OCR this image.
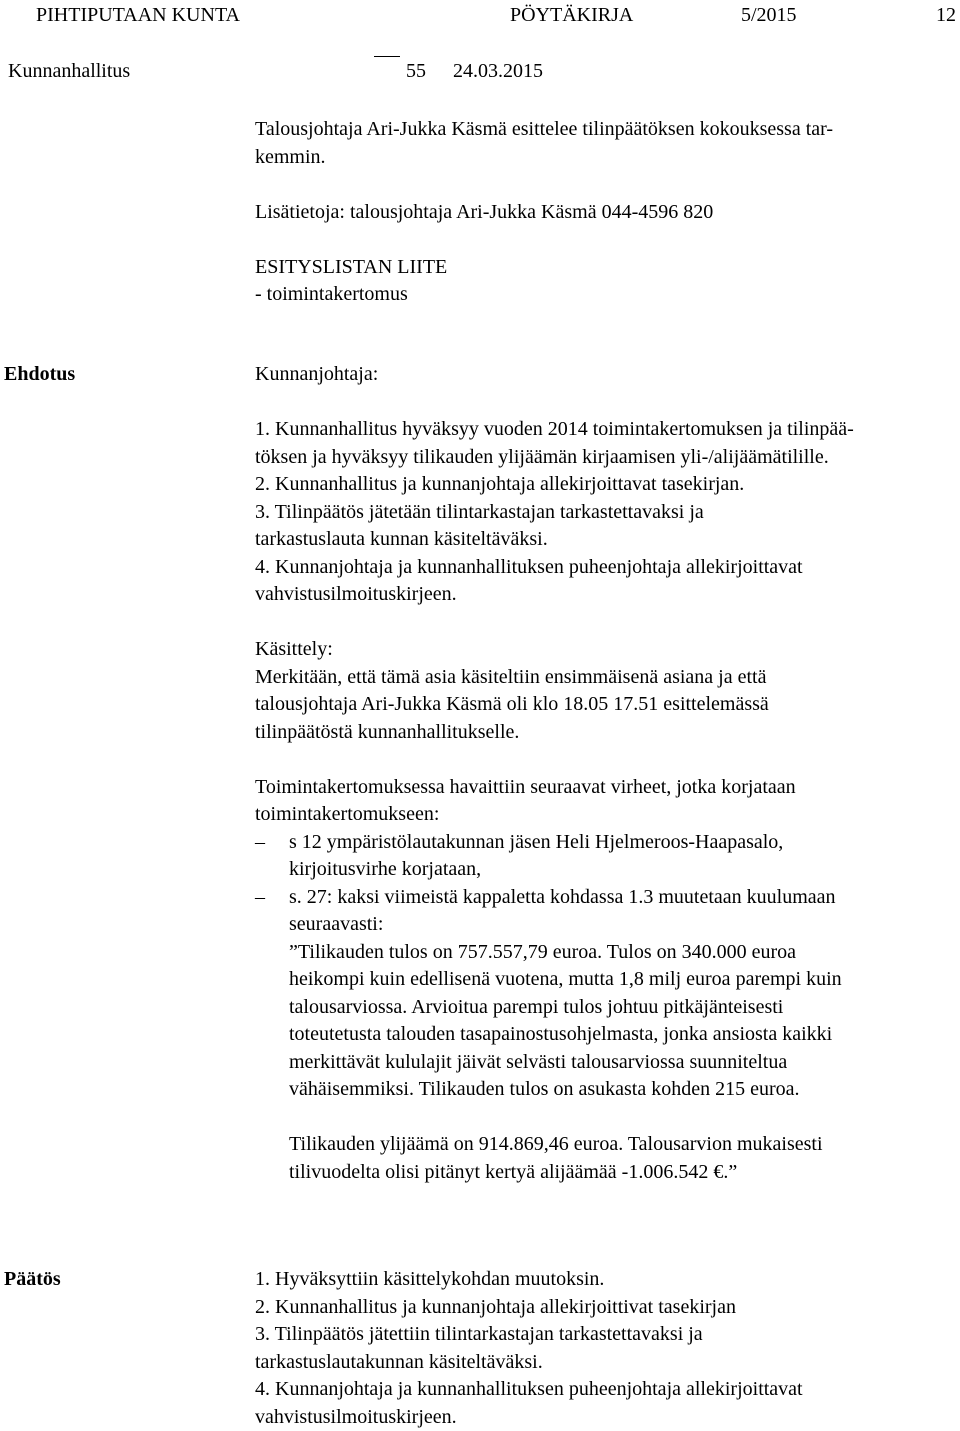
PIHTIPUTAAN KUNTA	PÖYTÄKIRJA	5/2015	12
Kunnanhallitus	55 24.03.2015

Talousjohtaja Ari-Jukka Käsmä esittelee tilinpäätöksen kokouksessa tar-

kemmin.

Lisätietoja: talousjohtaja Ari-Jukka Käsmä 044-4596 820

ESITYSLISTAN LIITE

- toimintakertomus

Ehdotus	Kunnanjohtaja:

1. Kunnanhallitus hyväksyy vuoden 2014 toimintakertomuksen ja tilinpää-

töksen ja hyväksyy tilikauden ylijäämän kirjaamisen yli-/alijäämätilille.

2. Kunnanhallitus ja kunnanjohtaja allekirjoittavat tasekirjan.

3. Tilinpäätös jätetään tilintarkastajan tarkastettavaksi ja

tarkastuslauta kunnan käsiteltäväksi.

4. Kunnanjohtaja ja kunnanhallituksen puheenjohtaja allekirjoittavat

vahvistusilmoituskirjeen.

Käsittely:

Merkitään, että tämä asia käsiteltiin ensimmäisenä asiana ja että

talousjohtaja Ari-Jukka Käsmä oli klo 18.05 17.51 esittelemässä

tilinpäätöstä kunnanhallitukselle.

Toimintakertomuksessa havaittiin seuraavat virheet, jotka korjataan

toimintakertomukseen:

–	s 12 ympäristölautakunnan jäsen Heli Hjelmeroos-Haapasalo,

kirjoitusvirhe korjataan,

–	s. 27: kaksi viimeistä kappaletta kohdassa 1.3 muutetaan kuulumaan

seuraavasti:

”Tilikauden tulos on 757.557,79 euroa. Tulos on 340.000 euroa

heikompi kuin edellisenä vuotena, mutta 1,8 milj euroa parempi kuin

talousarviossa. Arvioitua parempi tulos johtuu pitkäjänteisesti

toteutetusta talouden tasapainostusohjelmasta, jonka ansiosta kaikki

merkittävät kululajit jäivät selvästi talousarviossa suunniteltua

vähäisemmiksi. Tilikauden tulos on asukasta kohden 215 euroa.

Tilikauden ylijäämä on 914.869,46 euroa. Talousarvion mukaisesti

tilivuodelta olisi pitänyt kertyä alijäämää -1.006.542 €.”

Päätös	1. Hyväksyttiin käsittelykohdan muutoksin.

2. Kunnanhallitus ja kunnanjohtaja allekirjoittivat tasekirjan

3. Tilinpäätös jätettiin tilintarkastajan tarkastettavaksi ja

tarkastuslautakunnan käsiteltäväksi.

4. Kunnanjohtaja ja kunnanhallituksen puheenjohtaja allekirjoittavat

vahvistusilmoituskirjeen.
